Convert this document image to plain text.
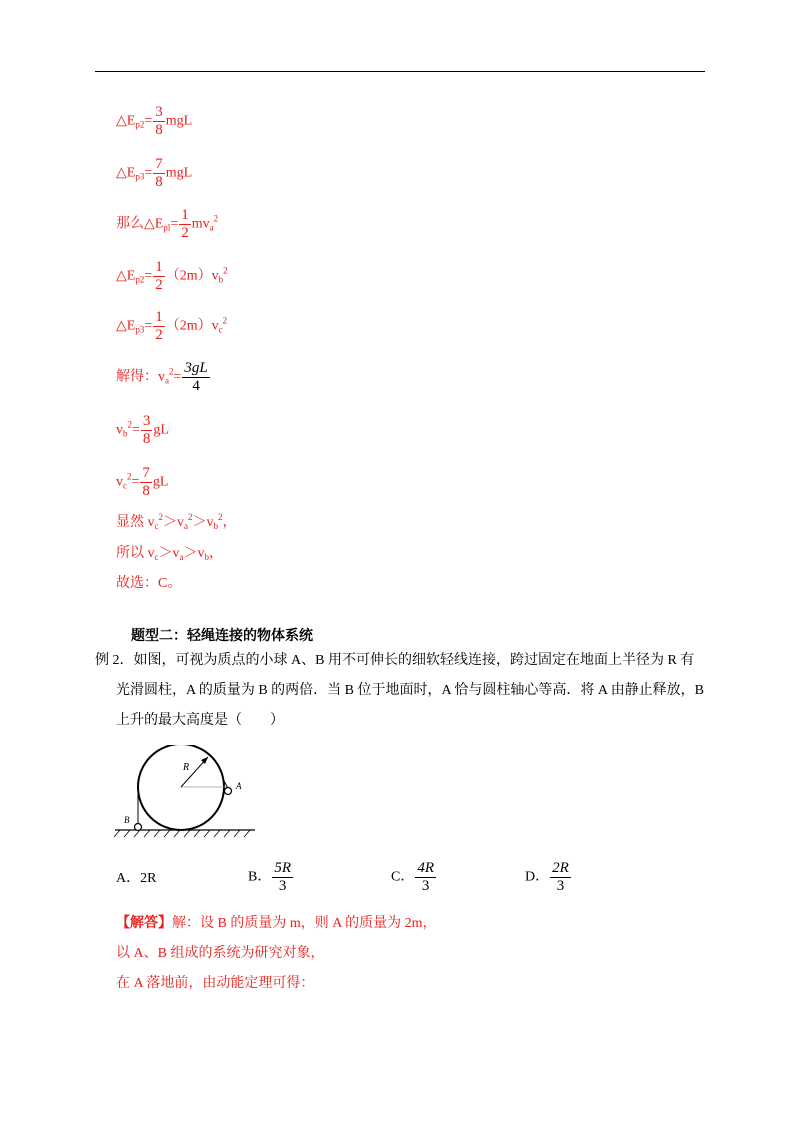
$\triangle E_{p2}= \frac{3}{8}$ mgL
$\triangle E_{p3}= \frac{7}{8}$ mgL
那么$\triangle E_{pl}= \frac{1}{2} mv_a^2$
$\triangle E_{p2}= \frac{1}{2} (2m)v_b^2$
$\triangle E_{p3}= \frac{1}{2} (2m)v_c^2$
解得：$v_a^2= \frac{3gL}{4}$
$v_b^2= \frac{3}{8}$ gL
$v_c^2= \frac{7}{8}$ gL
显然 $v_c^2>v_a^2>v_b^2$，
所以 $v_c>v_a>v_b$，
故选：C。
题型二：轻绳连接的物体系统
例 2．如图，可视为质点的小球 A、B 用不可伸长的细软轻线连接，跨过固定在地面上半径为 R 有
光滑圆柱，A 的质量为 B 的两倍．当 B 位于地面时，A 恰与圆柱轴心等高．将 A 由静止释放，B
上升的最大高度是（　　）
R
A
B
A．2R	B． $\frac{5R}{3}$	C． $\frac{4R}{3}$	D． $\frac{2R}{3}$
【解答】解：设 B 的质量为 m，则 A 的质量为 2m，
以 A、B 组成的系统为研究对象，
在 A 落地前，由动能定理可得：
